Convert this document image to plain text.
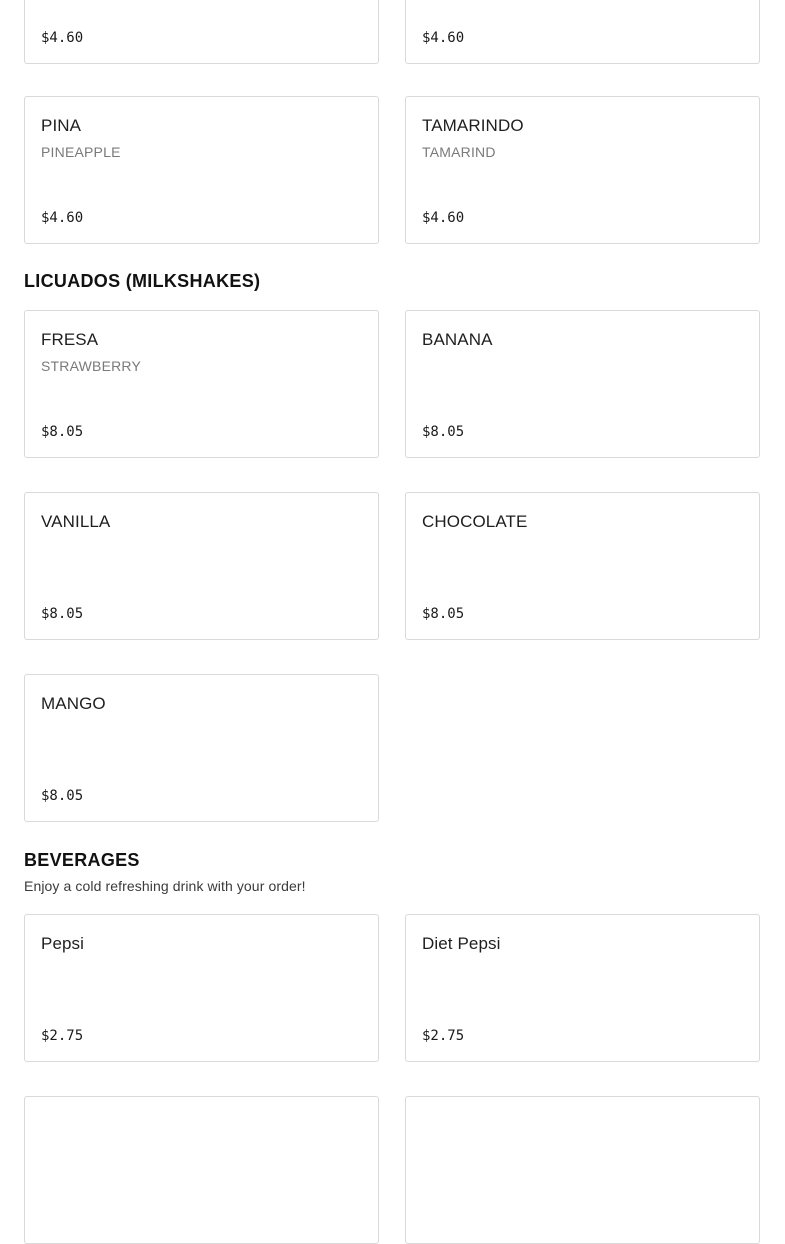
$4.60	$4.60
PINA
PINEAPPLE
$4.60
TAMARINDO
TAMARIND
$4.60
LICUADOS (MILKSHAKES)
FRESA
STRAWBERRY
$8.05
BANANA
$8.05
VANILLA
$8.05
CHOCOLATE
$8.05
MANGO
$8.05
BEVERAGES
Enjoy a cold refreshing drink with your order!
Pepsi
$2.75
Diet Pepsi
$2.75
